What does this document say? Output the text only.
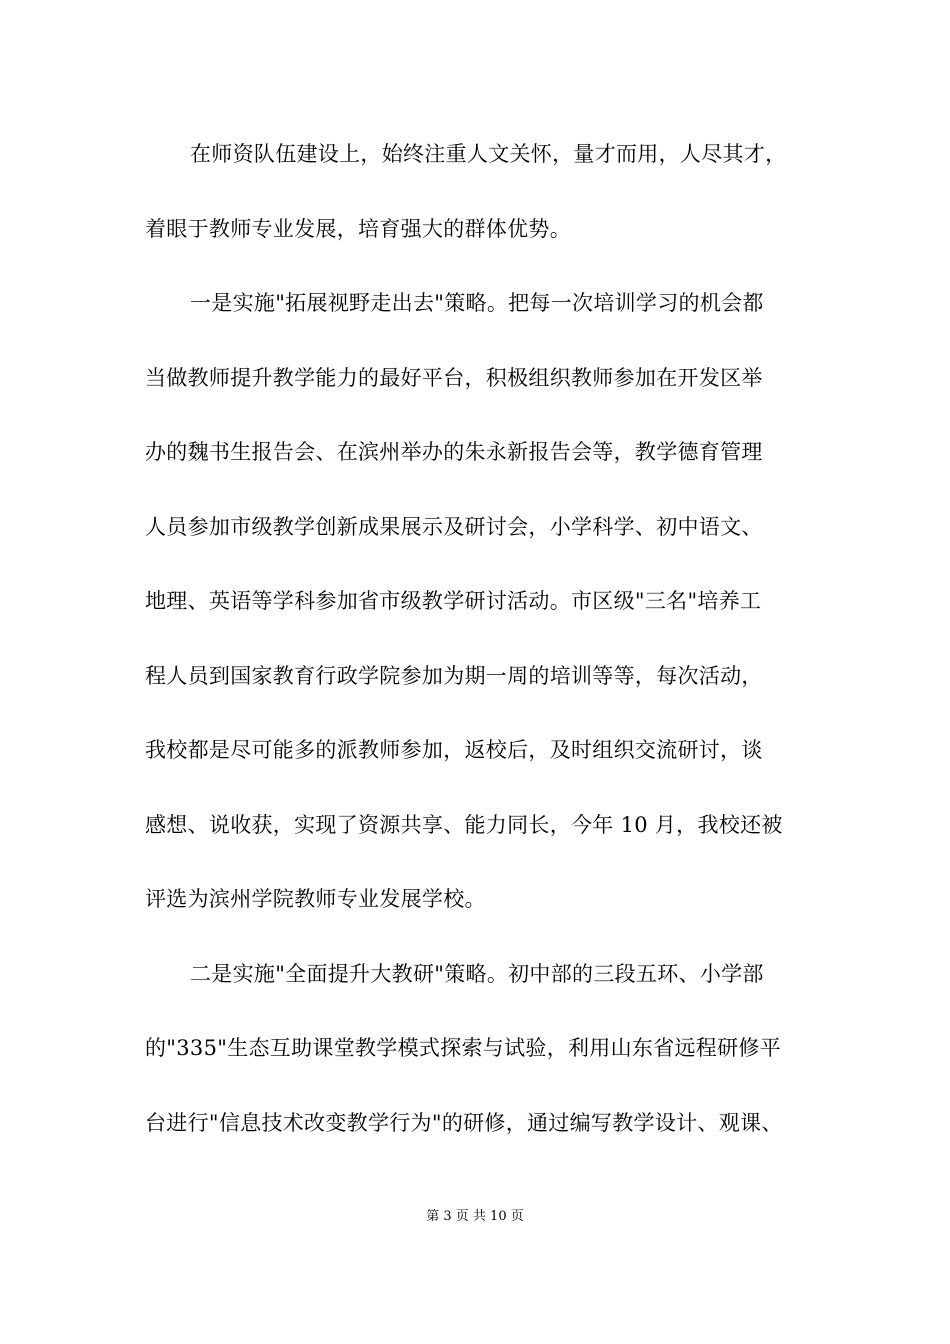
在师资队伍建设上，始终注重人文关怀，量才而用，人尽其才，
着眼于教师专业发展，培育强大的群体优势。
一是实施"拓展视野走出去"策略。把每一次培训学习的机会都
当做教师提升教学能力的最好平台，积极组织教师参加在开发区举
办的魏书生报告会、在滨州举办的朱永新报告会等，教学德育管理
人员参加市级教学创新成果展示及研讨会，小学科学、初中语文、
地理、英语等学科参加省市级教学研讨活动。市区级"三名"培养工
程人员到国家教育行政学院参加为期一周的培训等等，每次活动，
我校都是尽可能多的派教师参加，返校后，及时组织交流研讨，谈
感想、说收获，实现了资源共享、能力同长，今年 10 月，我校还被
评选为滨州学院教师专业发展学校。
二是实施"全面提升大教研"策略。初中部的三段五环、小学部
的"335"生态互助课堂教学模式探索与试验，利用山东省远程研修平
台进行"信息技术改变教学行为"的研修，通过编写教学设计、观课、
第 3 页 共 10 页
